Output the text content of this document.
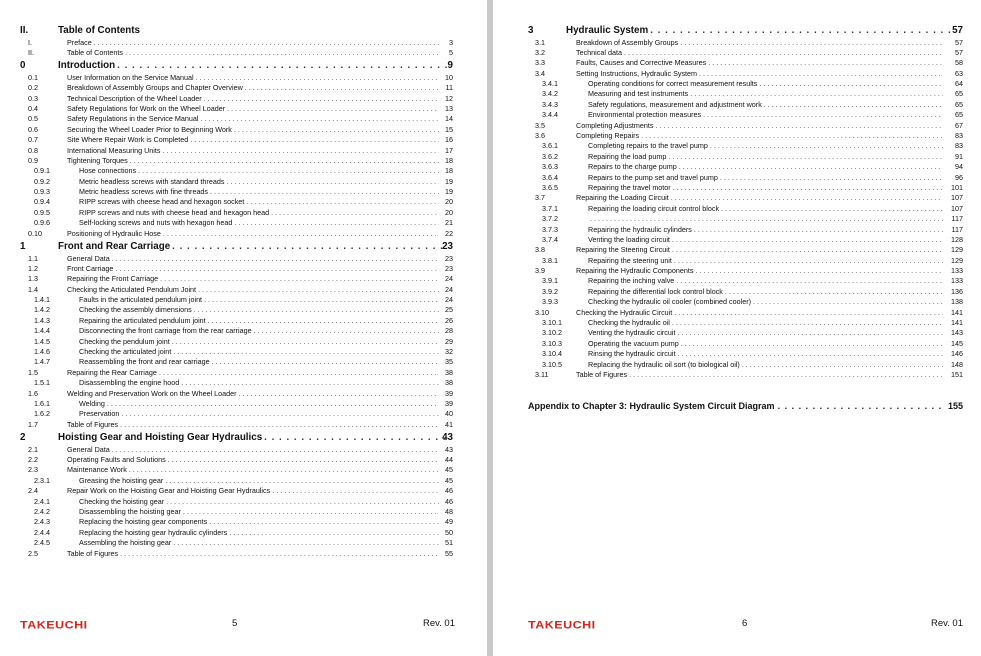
II.	Table of Contents
I.	Preface . . .	3
II.	Table of Contents . . .	5
0	Introduction . . .	9
0.1	User Information on the Service Manual . . .	10
0.2	Breakdown of Assembly Groups and Chapter Overview . . .	11
0.3	Technical Description of the Wheel Loader . . .	12
0.4	Safety Regulations for Work on the Wheel Loader . . .	13
0.5	Safety Regulations in the Service Manual . . .	14
0.6	Securing the Wheel Loader Prior to Beginning Work . . .	15
0.7	Site Where Repair Work is Completed . . .	16
0.8	International Measuring Units . . .	17
0.9	Tightening Torques . . .	18
0.9.1	Hose connections . . .	18
0.9.2	Metric headless screws with standard threads . . .	19
0.9.3	Metric headless screws with fine threads . . .	19
0.9.4	RIPP screws with cheese head and hexagon socket . . .	20
0.9.5	RIPP screws and nuts with cheese head and hexagon head . . .	20
0.9.6	Self-locking screws and nuts with hexagon head . . .	21
0.10	Positioning of Hydraulic Hose . . .	22
1	Front and Rear Carriage . . .	23
1.1	General Data . . .	23
1.2	Front Carriage . . .	23
1.3	Repairing the Front Carriage . . .	24
1.4	Checking the Articulated Pendulum Joint . . .	24
1.4.1	Faults in the articulated pendulum joint . . .	24
1.4.2	Checking the assembly dimensions . . .	25
1.4.3	Repairing the articulated pendulum joint . . .	26
1.4.4	Disconnecting the front carriage from the rear carriage . . .	28
1.4.5	Checking the pendulum joint . . .	29
1.4.6	Checking the articulated joint . . .	32
1.4.7	Reassembling the front and rear carriage . . .	35
1.5	Repairing the Rear Carriage . . .	38
1.5.1	Disassembling the engine hood . . .	38
1.6	Welding and Preservation Work on the Wheel Loader . . .	39
1.6.1	Welding . . .	39
1.6.2	Preservation . . .	40
1.7	Table of Figures . . .	41
2	Hoisting Gear and Hoisting Gear Hydraulics . . .	43
2.1	General Data . . .	43
2.2	Operating Faults and Solutions . . .	44
2.3	Maintenance Work . . .	45
2.3.1	Greasing the hoisting gear . . .	45
2.4	Repair Work on the Hoisting Gear and Hoisting Gear Hydraulics . . .	46
2.4.1	Checking the hoisting gear . . .	46
2.4.2	Disassembling the hoisting gear . . .	48
2.4.3	Replacing the hoisting gear components . . .	49
2.4.4	Replacing the hoisting gear hydraulic cylinders . . .	50
2.4.5	Assembling the hoisting gear . . .	51
2.5	Table of Figures . . .	55
TAKEUCHI	5	Rev. 01
3	Hydraulic System . . .	57
3.1	Breakdown of Assembly Groups . . .	57
3.2	Technical data . . .	57
3.3	Faults, Causes and Corrective Measures . . .	58
3.4	Setting Instructions, Hydraulic System . . .	63
3.4.1	Operating conditions for correct measurement results . . .	64
3.4.2	Measuring and test instruments . . .	65
3.4.3	Safety regulations, measurement and adjustment work . . .	65
3.4.4	Environmental protection measures . . .	65
3.5	Completing Adjustments . . .	67
3.6	Completing Repairs . . .	83
3.6.1	Completing repairs to the travel pump . . .	83
3.6.2	Repairing the load pump . . .	91
3.6.3	Repairs to the charge pump . . .	94
3.6.4	Repairs to the pump set and travel pump . . .	96
3.6.5	Repairing the travel motor . . .	101
3.7	Repairing the Loading Circuit . . .	107
3.7.1	Repairing the loading circuit control block . . .	107
3.7.2 . . .	117
3.7.3	Repairing the hydraulic cylinders . . .	117
3.7.4	Venting the loading circuit . . .	128
3.8	Repairing the Steering Circuit . . .	129
3.8.1	Repairing the steering unit . . .	129
3.9	Repairing the Hydraulic Components . . .	133
3.9.1	Repairing the inching valve . . .	133
3.9.2	Repairing the differential lock control block . . .	136
3.9.3	Checking the hydraulic oil cooler (combined cooler) . . .	138
3.10	Checking the Hydraulic Circuit . . .	141
3.10.1	Checking the hydraulic oil . . .	141
3.10.2	Venting the hydraulic circuit . . .	143
3.10.3	Operating the vacuum pump . . .	145
3.10.4	Rinsing the hydraulic circuit . . .	146
3.10.5	Replacing the hydraulic oil sort (to biological oil) . . .	148
3.11	Table of Figures . . .	151
Appendix to Chapter 3: Hydraulic System Circuit Diagram . . .	155
TAKEUCHI	6	Rev. 01
